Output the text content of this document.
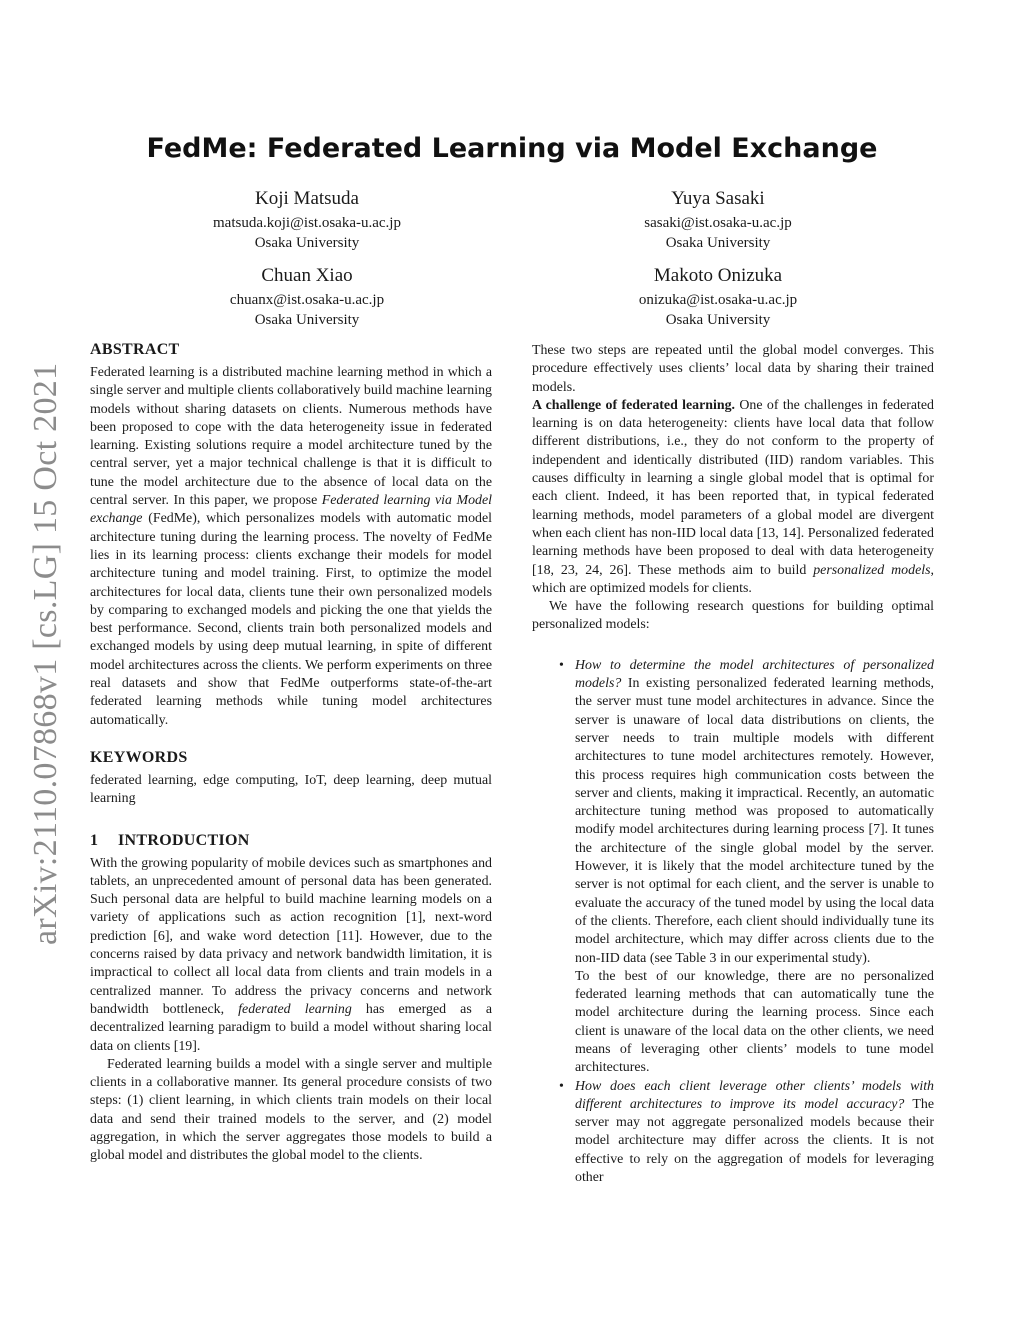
arXiv:2110.07868v1 [cs.LG] 15 Oct 2021
FedMe: Federated Learning via Model Exchange
Koji Matsuda
matsuda.koji@ist.osaka-u.ac.jp
Osaka University
Yuya Sasaki
sasaki@ist.osaka-u.ac.jp
Osaka University
Chuan Xiao
chuanx@ist.osaka-u.ac.jp
Osaka University
Makoto Onizuka
onizuka@ist.osaka-u.ac.jp
Osaka University
ABSTRACT

Federated learning is a distributed machine learning method in which a single server and multiple clients collaboratively build machine learning models without sharing datasets on clients. Numerous methods have been proposed to cope with the data heterogeneity issue in federated learning. Existing solutions require a model architecture tuned by the central server, yet a major technical challenge is that it is difficult to tune the model architecture due to the absence of local data on the central server. In this paper, we propose Federated learning via Model exchange (FedMe), which personalizes models with automatic model architecture tuning during the learning process. The novelty of FedMe lies in its learning process: clients exchange their models for model architecture tuning and model training. First, to optimize the model architectures for local data, clients tune their own personalized models by comparing to exchanged models and picking the one that yields the best performance. Second, clients train both personalized models and exchanged models by using deep mutual learning, in spite of different model architectures across the clients. We perform experiments on three real datasets and show that FedMe outperforms state-of-the-art federated learning methods while tuning model architectures automatically.

KEYWORDS

federated learning, edge computing, IoT, deep learning, deep mutual learning

1 INTRODUCTION

With the growing popularity of mobile devices such as smartphones and tablets, an unprecedented amount of personal data has been generated. Such personal data are helpful to build machine learning models on a variety of applications such as action recognition [1], next-word prediction [6], and wake word detection [11]. However, due to the concerns raised by data privacy and network bandwidth limitation, it is impractical to collect all local data from clients and train models in a centralized manner. To address the privacy concerns and network bandwidth bottleneck, federated learning has emerged as a decentralized learning paradigm to build a model without sharing local data on clients [19].

Federated learning builds a model with a single server and multiple clients in a collaborative manner. Its general procedure consists of two steps: (1) client learning, in which clients train models on their local data and send their trained models to the server, and (2) model aggregation, in which the server aggregates those models to build a global model and distributes the global model to the clients.

These two steps are repeated until the global model converges. This procedure effectively uses clients’ local data by sharing their trained models.

A challenge of federated learning. One of the challenges in federated learning is on data heterogeneity: clients have local data that follow different distributions, i.e., they do not conform to the property of independent and identically distributed (IID) random variables. This causes difficulty in learning a single global model that is optimal for each client. Indeed, it has been reported that, in typical federated learning methods, model parameters of a global model are divergent when each client has non-IID local data [13, 14]. Personalized federated learning methods have been proposed to deal with data heterogeneity [18, 23, 24, 26]. These methods aim to build personalized models, which are optimized models for clients.

We have the following research questions for building optimal personalized models:

• How to determine the model architectures of personalized models? In existing personalized federated learning methods, the server must tune model architectures in advance. Since the server is unaware of local data distributions on clients, the server needs to train multiple models with different architectures to tune model architectures remotely. However, this process requires high communication costs between the server and clients, making it impractical. Recently, an automatic architecture tuning method was proposed to automatically modify model architectures during learning process [7]. It tunes the architecture of the single global model by the server. However, it is likely that the model architecture tuned by the server is not optimal for each client, and the server is unable to evaluate the accuracy of the tuned model by using the local data of the clients. Therefore, each client should individually tune its model architecture, which may differ across clients due to the non-IID data (see Table 3 in our experimental study).

To the best of our knowledge, there are no personalized federated learning methods that can automatically tune the model architecture during the learning process. Since each client is unaware of the local data on the other clients, we need means of leveraging other clients’ models to tune model architectures.

• How does each client leverage other clients’ models with different architectures to improve its model accuracy? The server may not aggregate personalized models because their model architecture may differ across the clients. It is not effective to rely on the aggregation of models for leveraging other
